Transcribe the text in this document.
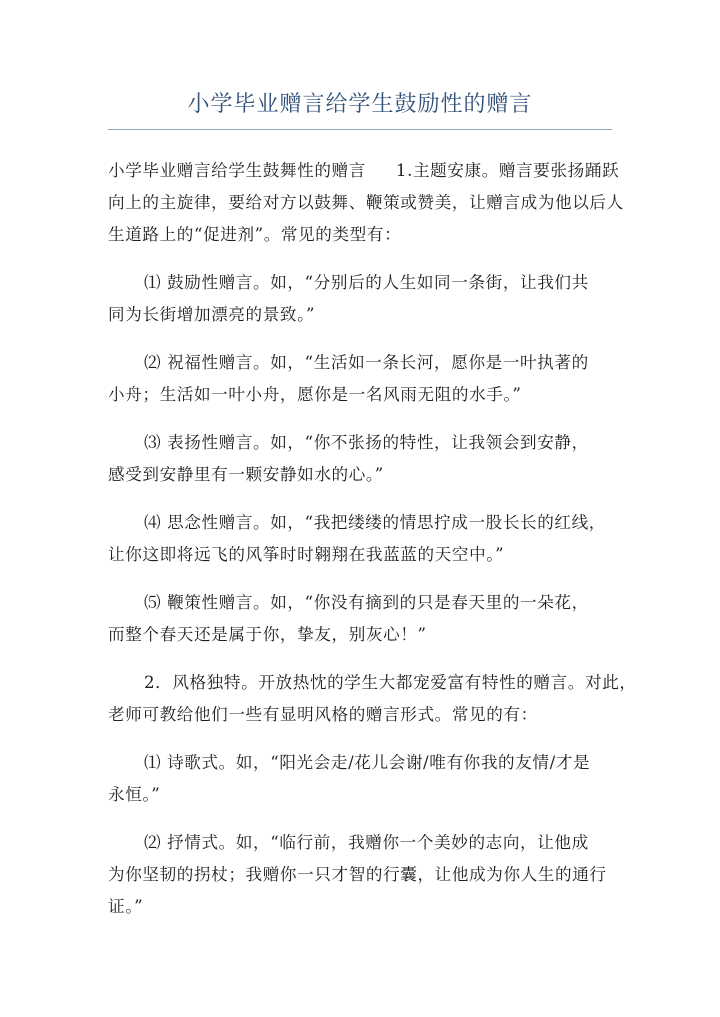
小学毕业赠言给学生鼓励性的赠言
小学毕业赠言给学生鼓舞性的赠言 1.主题安康。赠言要张扬踊跃
向上的主旋律，要给对方以鼓舞、鞭策或赞美，让赠言成为他以后人
生道路上的“促进剂”。常见的类型有：
⑴ 鼓励性赠言。如，“分别后的人生如同一条街，让我们共
同为长街增加漂亮的景致。”
⑵ 祝福性赠言。如，“生活如一条长河，愿你是一叶执著的
小舟；生活如一叶小舟，愿你是一名风雨无阻的水手。”
⑶ 表扬性赠言。如，“你不张扬的特性，让我领会到安静，
感受到安静里有一颗安静如水的心。”
⑷ 思念性赠言。如，“我把缕缕的情思拧成一股长长的红线，
让你这即将远飞的风筝时时翱翔在我蓝蓝的天空中。”
⑸ 鞭策性赠言。如，“你没有摘到的只是春天里的一朵花，
而整个春天还是属于你，挚友，别灰心！”
2．风格独特。开放热忱的学生大都宠爱富有特性的赠言。对此，
老师可教给他们一些有显明风格的赠言形式。常见的有：
⑴ 诗歌式。如，“阳光会走/花儿会谢/唯有你我的友情/才是
永恒。”
⑵ 抒情式。如，“临行前，我赠你一个美妙的志向，让他成
为你坚韧的拐杖；我赠你一只才智的行囊，让他成为你人生的通行
证。”
